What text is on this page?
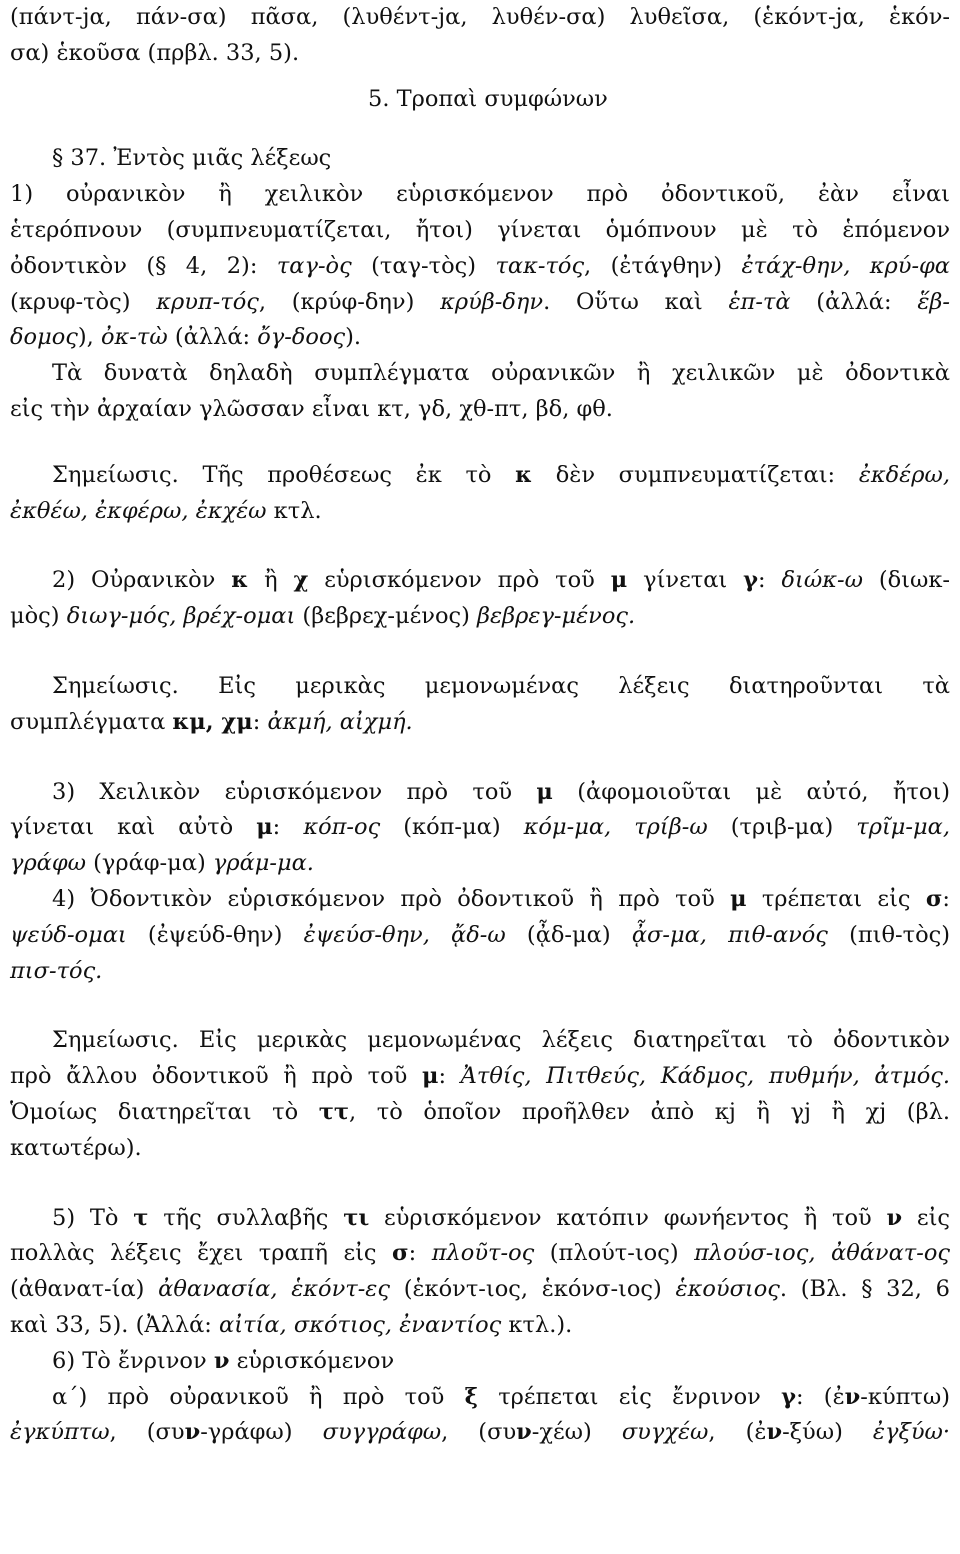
(πάντ-jα, πάν-σα) πᾶσα, (λυθέντ-jα, λυθέν-σα) λυθεῖσα, (ἑκόντ-jα, ἑκόν-
σα) ἑκοῦσα (πρβλ. 33, 5).
5. Τροπαὶ συμφώνων
§ 37. Ἐντὸς μιᾶς λέξεως
1) οὐρανικὸν ἢ χειλικὸν εὑρισκόμενον πρὸ ὀδοντικοῦ, ἐὰν εἶναι
ἑτερόπνουν (συμπνευματίζεται, ἤτοι) γίνεται ὁμόπνουν μὲ τὸ ἑπόμενον
ὀδοντικὸν (§ 4, 2): ταγ-ὸς (ταγ-τὸς) τακ-τός, (ἐτάγθην) ἐτάχ-θην, κρύ-φα
(κρυφ-τὸς) κρυπ-τός, (κρύφ-δην) κρύβ-δην. Οὕτω καὶ ἑπ-τὰ (ἀλλά: ἕβ-
δομος), ὀκ-τὼ (ἀλλά: ὄγ-δοος).
Τὰ δυνατὰ δηλαδὴ συμπλέγματα οὐρανικῶν ἢ χειλικῶν μὲ ὀδοντικὰ
εἰς τὴν ἀρχαίαν γλῶσσαν εἶναι κτ, γδ, χθ-πτ, βδ, φθ.
Σημείωσις. Τῆς προθέσεως ἐκ τὸ κ δὲν συμπνευματίζεται: ἐκδέρω,
ἐκθέω, ἐκφέρω, ἐκχέω κτλ.
2) Οὐρανικὸν κ ἢ χ εὑρισκόμενον πρὸ τοῦ μ γίνεται γ: διώκ-ω (διωκ-
μὸς) διωγ-μός, βρέχ-ομαι (βεβρεχ-μένος) βεβρεγ-μένος.
Σημείωσις. Εἰς μερικὰς μεμονωμένας λέξεις διατηροῦνται τὰ
συμπλέγματα κμ, χμ: ἀκμή, αἰχμή.
3) Χειλικὸν εὑρισκόμενον πρὸ τοῦ μ (ἀφομοιοῦται μὲ αὐτό, ἤτοι)
γίνεται καὶ αὐτὸ μ: κόπ-ος (κόπ-μα) κόμ-μα, τρίβ-ω (τριβ-μα) τρῖμ-μα,
γράφω (γράφ-μα) γράμ-μα.
4) Ὀδοντικὸν εὑρισκόμενον πρὸ ὀδοντικοῦ ἢ πρὸ τοῦ μ τρέπεται εἰς σ:
ψεύδ-ομαι (ἐψεύδ-θην) ἐψεύσ-θην, ᾄδ-ω (ᾆδ-μα) ᾆσ-μα, πιθ-ανός (πιθ-τὸς)
πισ-τός.
Σημείωσις. Εἰς μερικὰς μεμονωμένας λέξεις διατηρεῖται τὸ ὀδοντικὸν
πρὸ ἄλλου ὀδοντικοῦ ἢ πρὸ τοῦ μ: Ἀτθίς, Πιτθεύς, Κάδμος, πυθμήν, ἀτμός.
Ὁμοίως διατηρεῖται τὸ ττ, τὸ ὁποῖον προῆλθεν ἀπὸ κj ἢ γj ἢ χj (βλ.
κατωτέρω).
5) Τὸ τ τῆς συλλαβῆς τι εὑρισκόμενον κατόπιν φωνήεντος ἢ τοῦ ν εἰς
πολλὰς λέξεις ἔχει τραπῆ εἰς σ: πλοῦτ-ος (πλούτ-ιος) πλούσ-ιος, ἀθάνατ-ος
(ἀθανατ-ία) ἀθανασία, ἑκόντ-ες (ἑκόντ-ιος, ἑκόνσ-ιος) ἑκούσιος. (Βλ. § 32, 6
καὶ 33, 5). (Ἀλλά: αἰτία, σκότιος, ἐναντίος κτλ.).
6) Τὸ ἔνρινον ν εὑρισκόμενον
α΄) πρὸ οὐρανικοῦ ἢ πρὸ τοῦ ξ τρέπεται εἰς ἔνρινον γ: (ἐν-κύπτω)
ἐγκύπτω, (συν-γράφω) συγγράφω, (συν-χέω) συγχέω, (ἐν-ξύω) ἐγξύω·
